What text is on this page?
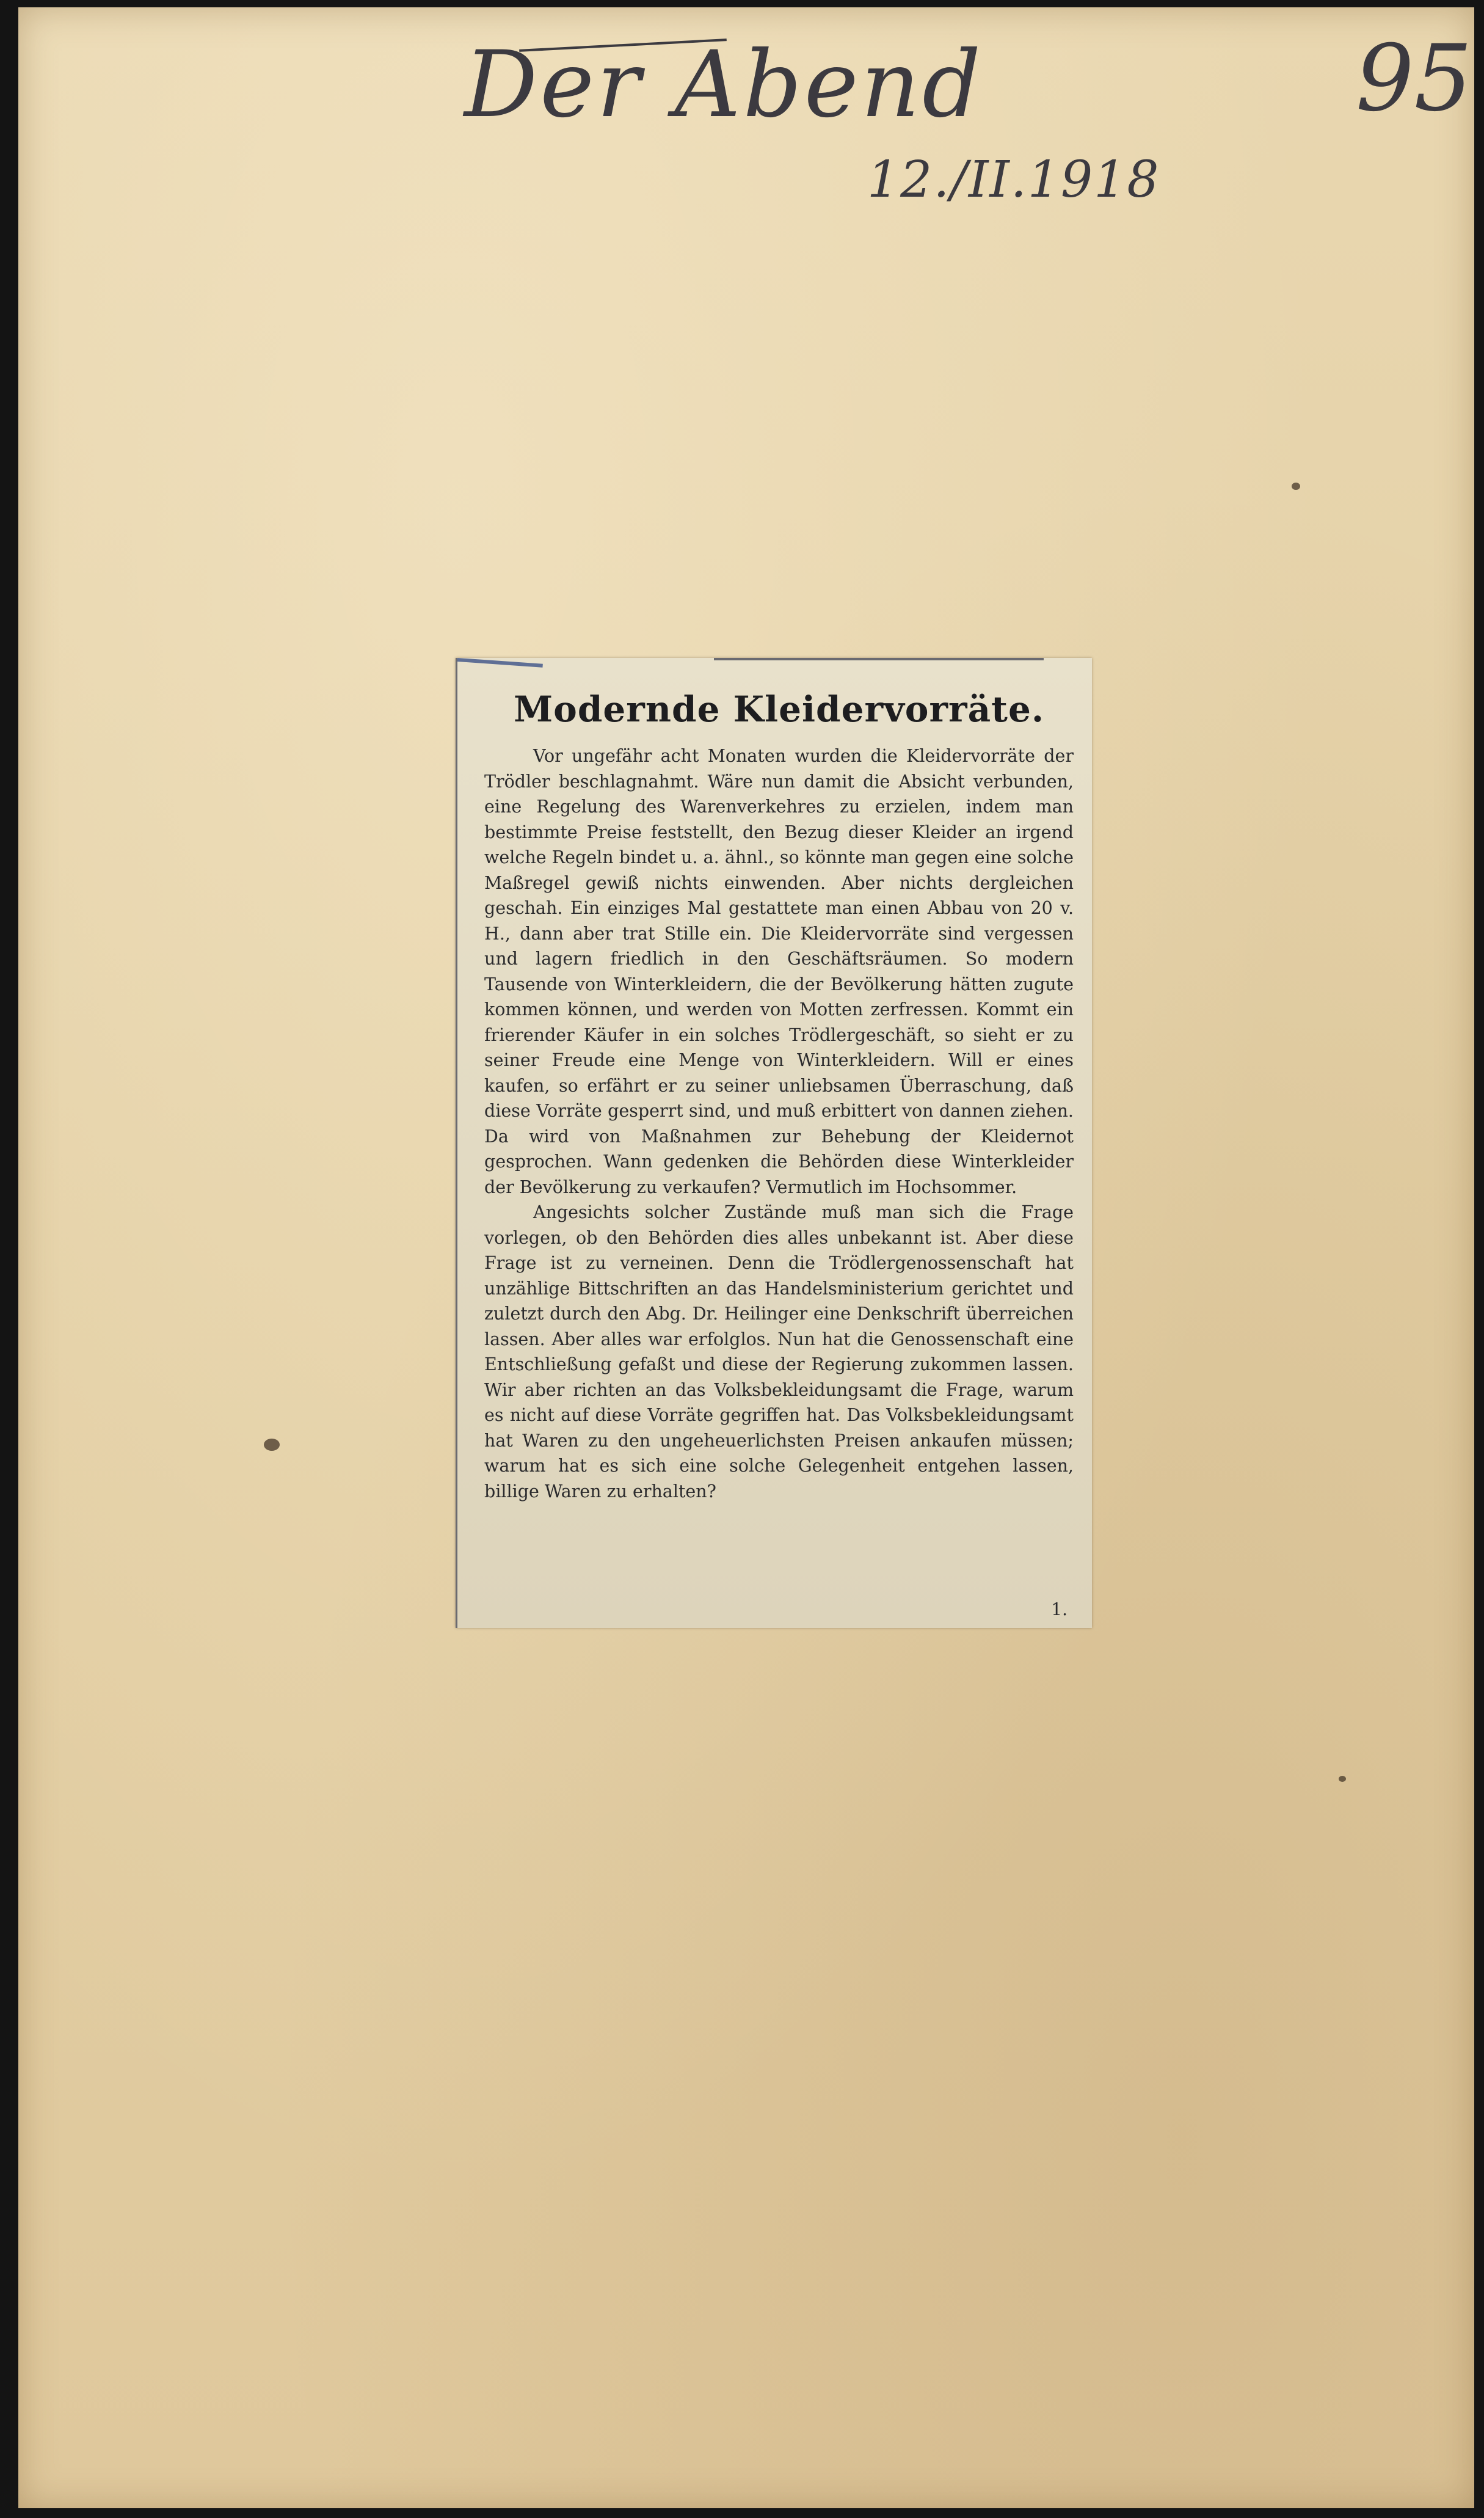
Der Abend
12./II.1918
95
Modernde Kleidervorräte.

Vor ungefähr acht Monaten wurden die Kleidervorräte der Trödler beschlagnahmt. Wäre nun damit die Absicht verbunden, eine Regelung des Warenverkehres zu erzielen, indem man bestimmte Preise feststellt, den Bezug dieser Kleider an irgend welche Regeln bindet u. a. ähnl., so könnte man gegen eine solche Maßregel gewiß nichts einwenden. Aber nichts dergleichen geschah. Ein einziges Mal gestattete man einen Abbau von 20 v. H., dann aber trat Stille ein. Die Kleidervorräte sind vergessen und lagern friedlich in den Geschäftsräumen. So modern Tausende von Winterkleidern, die der Bevölkerung hätten zugute kommen können, und werden von Motten zerfressen. Kommt ein frierender Käufer in ein solches Trödlergeschäft, so sieht er zu seiner Freude eine Menge von Winterkleidern. Will er eines kaufen, so erfährt er zu seiner unliebsamen Überraschung, daß diese Vorräte gesperrt sind, und muß erbittert von dannen ziehen. Da wird von Maßnahmen zur Behebung der Kleidernot gesprochen. Wann gedenken die Behörden diese Winterkleider der Bevölkerung zu verkaufen? Vermutlich im Hochsommer.

Angesichts solcher Zustände muß man sich die Frage vorlegen, ob den Behörden dies alles unbekannt ist. Aber diese Frage ist zu verneinen. Denn die Trödlergenossenschaft hat unzählige Bittschriften an das Handelsministerium gerichtet und zuletzt durch den Abg. Dr. Heilinger eine Denkschrift überreichen lassen. Aber alles war erfolglos. Nun hat die Genossenschaft eine Entschließung gefaßt und diese der Regierung zukommen lassen. Wir aber richten an das Volksbekleidungsamt die Frage, warum es nicht auf diese Vorräte gegriffen hat. Das Volksbekleidungsamt hat Waren zu den ungeheuerlichsten Preisen ankaufen müssen; warum hat es sich eine solche Gelegenheit entgehen lassen, billige Waren zu erhalten?

1.
